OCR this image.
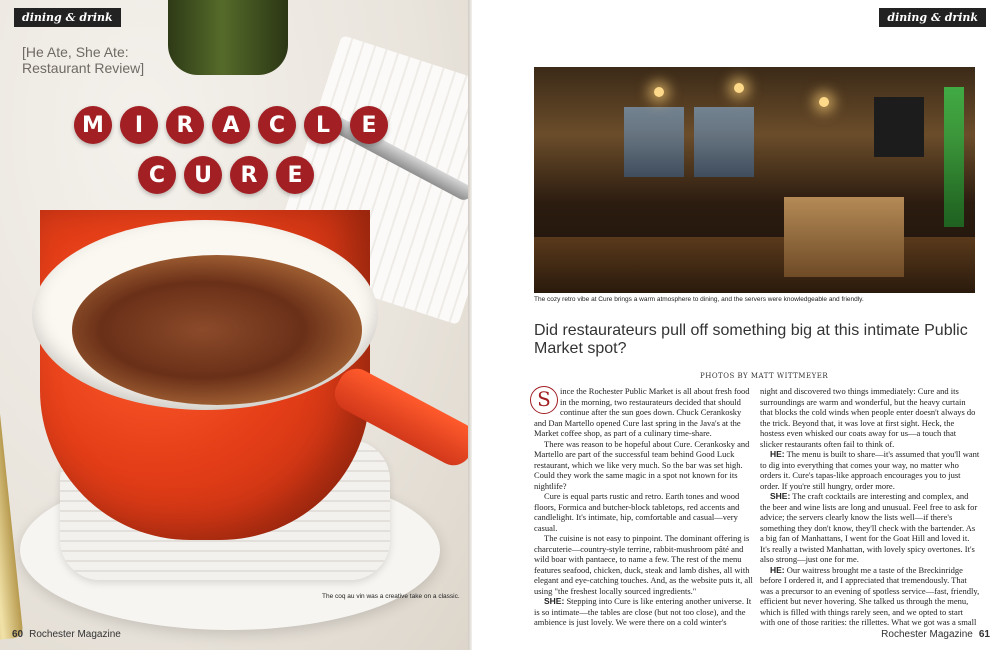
dining & drink
[He Ate, She Ate:
Restaurant Review]
M	I	R	A	C	L	E
C	U	R	E
The coq au vin was a creative take on a classic.
60 Rochester Magazine
dining & drink
The cozy retro vibe at Cure brings a warm atmosphere to dining, and the servers were knowledgeable and friendly.
Did restaurateurs pull off something big at this intimate Public Market spot?
PHOTOS BY MATT WITTMEYER

S	ince the Rochester Public Market is all about fresh food in the morning, two restaurateurs decided that should continue after the sun goes down. Chuck Cerankosky and Dan Martello opened Cure last spring in the Java's at the Market coffee shop, as part of a culinary time-share.

There was reason to be hopeful about Cure. Cerankosky and Martello are part of the successful team behind Good Luck restaurant, which we like very much. So the bar was set high. Could they work the same magic in a spot not known for its nightlife?

Cure is equal parts rustic and retro. Earth tones and wood floors, Formica and butcher-block tabletops, red accents and candlelight. It's intimate, hip, comfortable and casual—very casual.

The cuisine is not easy to pinpoint. The dominant offering is charcuterie—country-style terrine, rabbit-mushroom pâté and wild boar with pantaece, to name a few. The rest of the menu features seafood, chicken, duck, steak and lamb dishes, all with elegant and eye-catching touches. And, as the website puts it, all using "the freshest locally sourced ingredients."

SHE: Stepping into Cure is like entering another universe. It is so intimate—the tables are close (but not too close), and the ambience is just lovely. We were there on a cold winter's

night and discovered two things immediately: Cure and its surroundings are warm and wonderful, but the heavy curtain that blocks the cold winds when people enter doesn't always do the trick. Beyond that, it was love at first sight. Heck, the hostess even whisked our coats away for us—a touch that slicker restaurants often fail to think of.

HE: The menu is built to share—it's assumed that you'll want to dig into everything that comes your way, no matter who orders it. Cure's tapas-like approach encourages you to just order. If you're still hungry, order more.

SHE: The craft cocktails are interesting and complex, and the beer and wine lists are long and unusual. Feel free to ask for advice; the servers clearly know the lists well—if there's something they don't know, they'll check with the bartender. As a big fan of Manhattans, I went for the Goat Hill and loved it. It's really a twisted Manhattan, with lovely spicy overtones. It's also strong—just one for me.

HE: Our waitress brought me a taste of the Breckinridge before I ordered it, and I appreciated that tremendously. That was a precursor to an evening of spotless service—fast, friendly, efficient but never hovering. She talked us through the menu, which is filled with things rarely seen, and we opted to start with one of those rarities: the rillettes. What we got was a small

Rochester Magazine 61
